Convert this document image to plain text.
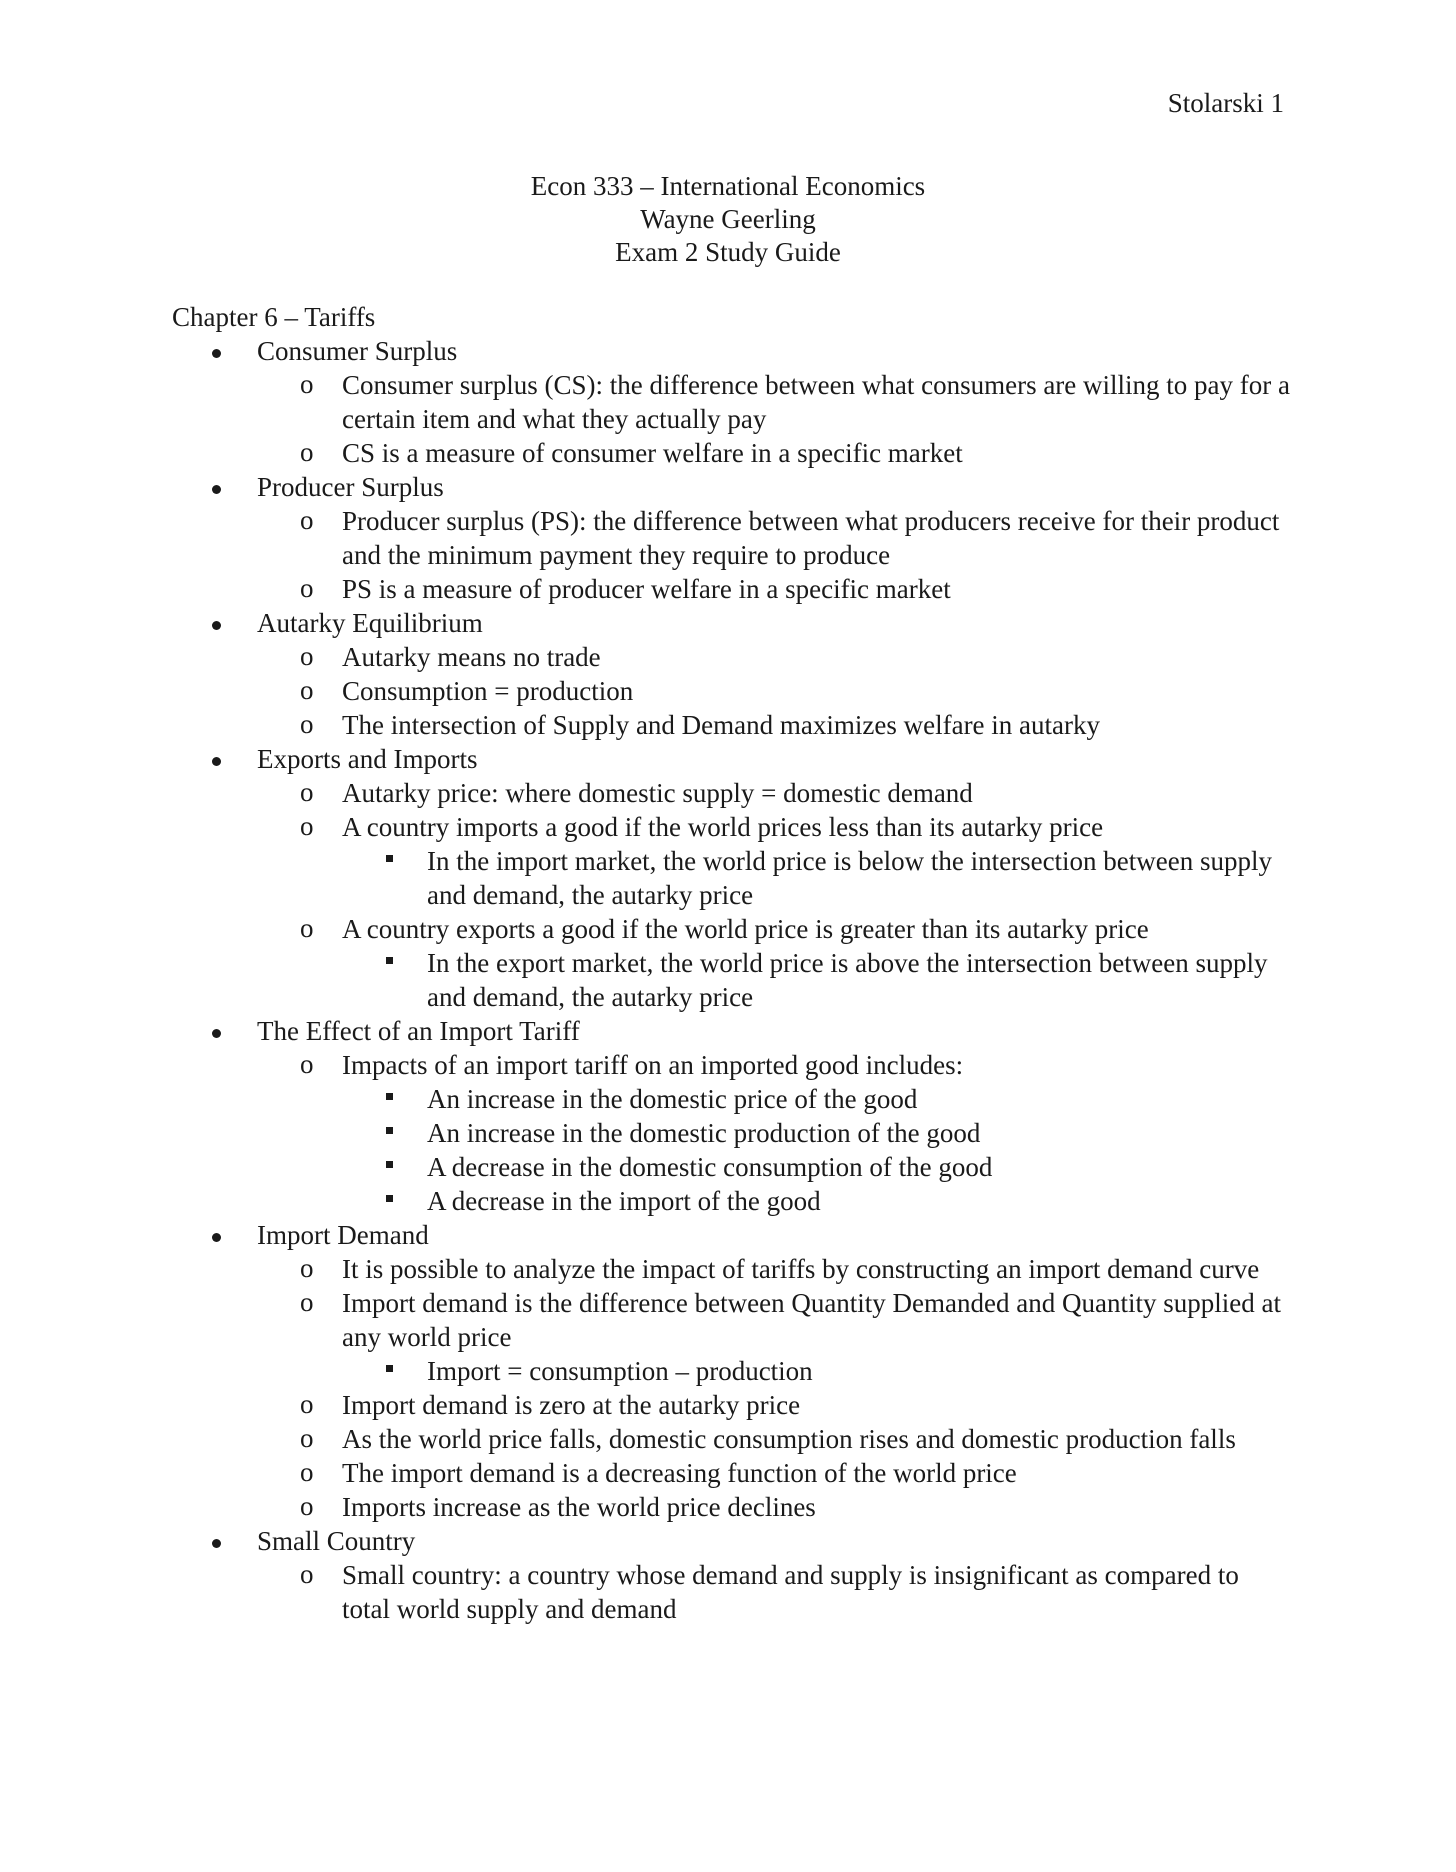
Stolarski 1
Econ 333 – International Economics
Wayne Geerling
Exam 2 Study Guide
Chapter 6 – Tariffs
Consumer Surplus
o Consumer surplus (CS): the difference between what consumers are willing to pay for a certain item and what they actually pay
o CS is a measure of consumer welfare in a specific market
Producer Surplus
o Producer surplus (PS): the difference between what producers receive for their product and the minimum payment they require to produce
o PS is a measure of producer welfare in a specific market
Autarky Equilibrium
o Autarky means no trade
o Consumption = production
o The intersection of Supply and Demand maximizes welfare in autarky
Exports and Imports
o Autarky price: where domestic supply = domestic demand
o A country imports a good if the world prices less than its autarky price
In the import market, the world price is below the intersection between supply and demand, the autarky price
o A country exports a good if the world price is greater than its autarky price
In the export market, the world price is above the intersection between supply and demand, the autarky price
The Effect of an Import Tariff
o Impacts of an import tariff on an imported good includes:
An increase in the domestic price of the good
An increase in the domestic production of the good
A decrease in the domestic consumption of the good
A decrease in the import of the good
Import Demand
o It is possible to analyze the impact of tariffs by constructing an import demand curve
o Import demand is the difference between Quantity Demanded and Quantity supplied at any world price
Import = consumption – production
o Import demand is zero at the autarky price
o As the world price falls, domestic consumption rises and domestic production falls
o The import demand is a decreasing function of the world price
o Imports increase as the world price declines
Small Country
o Small country: a country whose demand and supply is insignificant as compared to total world supply and demand
